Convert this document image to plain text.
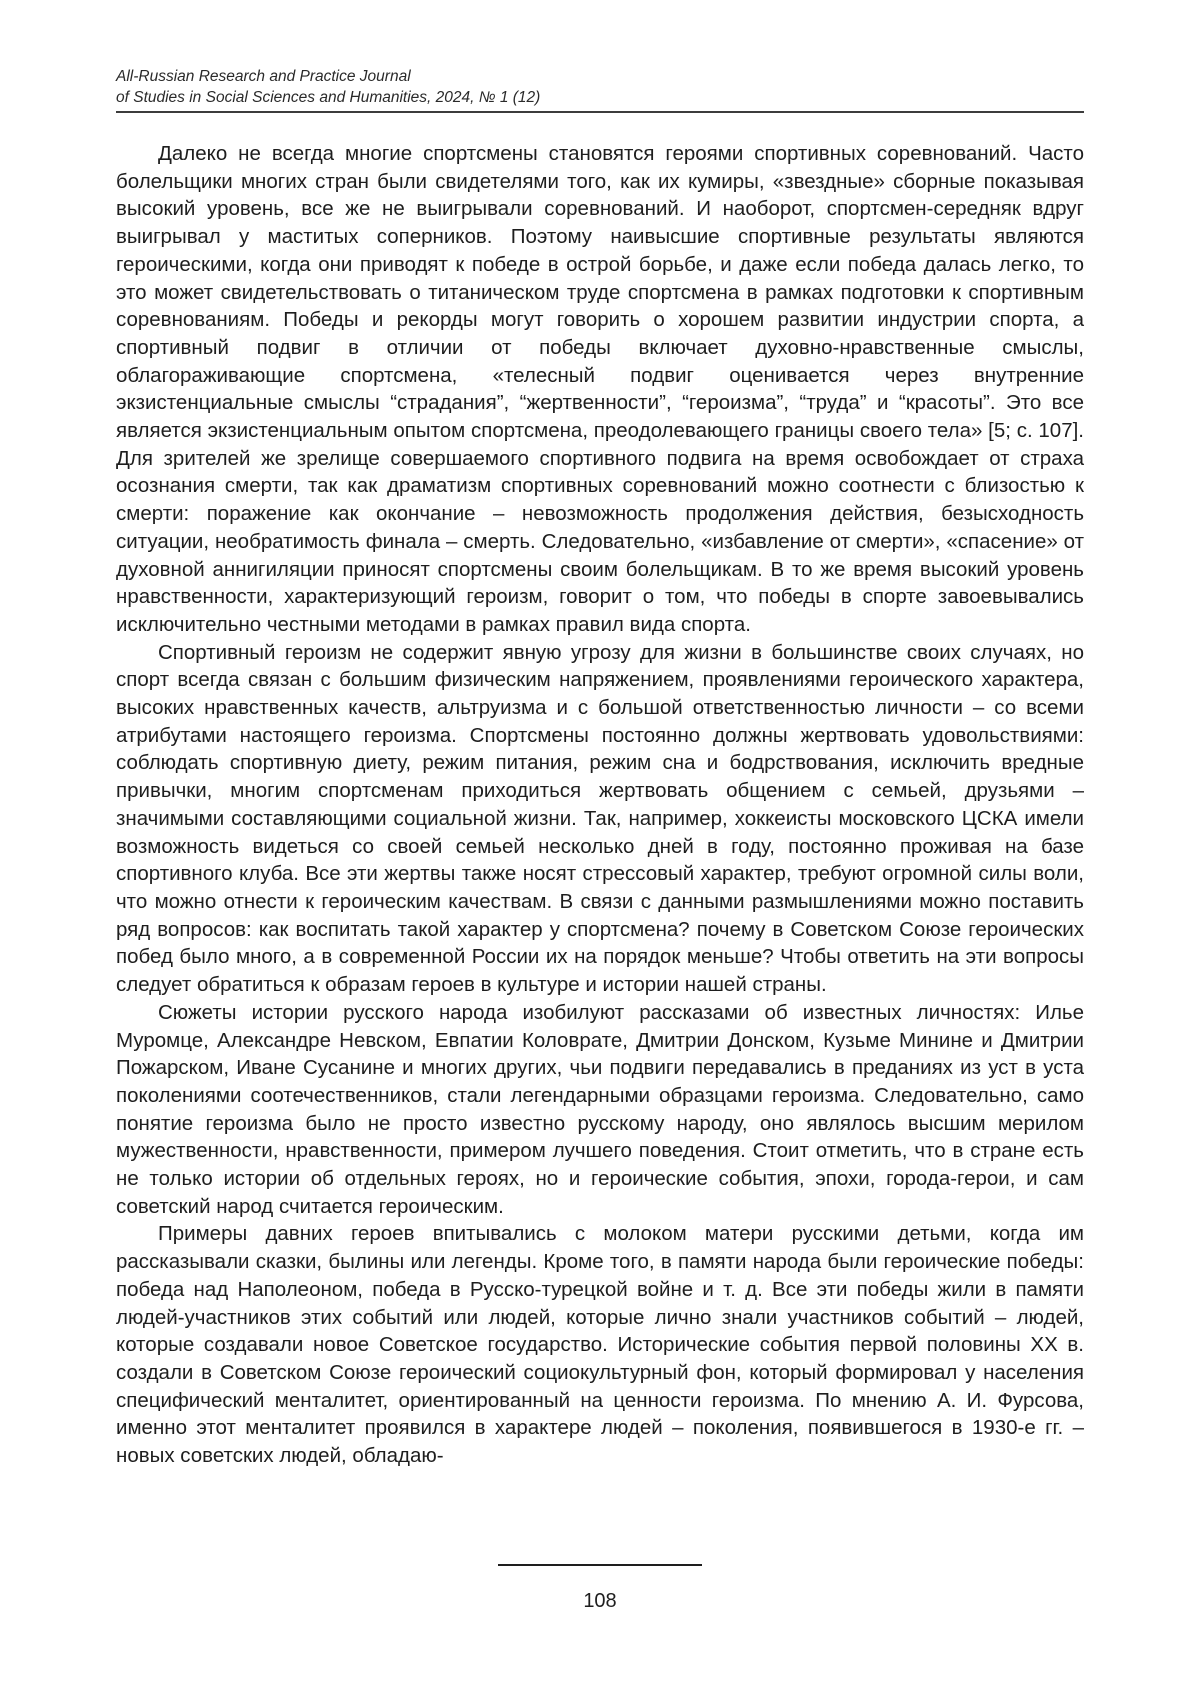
All-Russian Research and Practice Journal
of Studies in Social Sciences and Humanities, 2024, № 1 (12)

Далеко не всегда многие спортсмены становятся героями спортивных соревнований. Часто болельщики многих стран были свидетелями того, как их кумиры, «звездные» сборные показывая высокий уровень, все же не выигрывали соревнований. И наоборот, спортсмен-середняк вдруг выигрывал у маститых соперников. Поэтому наивысшие спортивные результаты являются героическими, когда они приводят к победе в острой борьбе, и даже если победа далась легко, то это может свидетельствовать о титаническом труде спортсмена в рамках подготовки к спортивным соревнованиям. Победы и рекорды могут говорить о хорошем развитии индустрии спорта, а спортивный подвиг в отличии от победы включает духовно-нравственные смыслы, облагораживающие спортсмена, «телесный подвиг оценивается через внутренние экзистенциальные смыслы “страдания”, “жертвенности”, “героизма”, “труда” и “красоты”. Это все является экзистенциальным опытом спортсмена, преодолевающего границы своего тела» [5; с. 107]. Для зрителей же зрелище совершаемого спортивного подвига на время освобождает от страха осознания смерти, так как драматизм спортивных соревнований можно соотнести с близостью к смерти: поражение как окончание – невозможность продолжения действия, безысходность ситуации, необратимость финала – смерть. Следовательно, «избавление от смерти», «спасение» от духовной аннигиляции приносят спортсмены своим болельщикам. В то же время высокий уровень нравственности, характеризующий героизм, говорит о том, что победы в спорте завоевывались исключительно честными методами в рамках правил вида спорта.

Спортивный героизм не содержит явную угрозу для жизни в большинстве своих случаях, но спорт всегда связан с большим физическим напряжением, проявлениями героического характера, высоких нравственных качеств, альтруизма и с большой ответственностью личности – со всеми атрибутами настоящего героизма. Спортсмены постоянно должны жертвовать удовольствиями: соблюдать спортивную диету, режим питания, режим сна и бодрствования, исключить вредные привычки, многим спортсменам приходиться жертвовать общением с семьей, друзьями – значимыми составляющими социальной жизни. Так, например, хоккеисты московского ЦСКА имели возможность видеться со своей семьей несколько дней в году, постоянно проживая на базе спортивного клуба. Все эти жертвы также носят стрессовый характер, требуют огромной силы воли, что можно отнести к героическим качествам. В связи с данными размышлениями можно поставить ряд вопросов: как воспитать такой характер у спортсмена? почему в Советском Союзе героических побед было много, а в современной России их на порядок меньше? Чтобы ответить на эти вопросы следует обратиться к образам героев в культуре и истории нашей страны.

Сюжеты истории русского народа изобилуют рассказами об известных личностях: Илье Муромце, Александре Невском, Евпатии Коловрате, Дмитрии Донском, Кузьме Минине и Дмитрии Пожарском, Иване Сусанине и многих других, чьи подвиги передавались в преданиях из уст в уста поколениями соотечественников, стали легендарными образцами героизма. Следовательно, само понятие героизма было не просто известно русскому народу, оно являлось высшим мерилом мужественности, нравственности, примером лучшего поведения. Стоит отметить, что в стране есть не только истории об отдельных героях, но и героические события, эпохи, города-герои, и сам советский народ считается героическим.

Примеры давних героев впитывались с молоком матери русскими детьми, когда им рассказывали сказки, былины или легенды. Кроме того, в памяти народа были героические победы: победа над Наполеоном, победа в Русско-турецкой войне и т. д. Все эти победы жили в памяти людей-участников этих событий или людей, которые лично знали участников событий – людей, которые создавали новое Советское государство. Исторические события первой половины ХХ в. создали в Советском Союзе героический социокультурный фон, который формировал у населения специфический менталитет, ориентированный на ценности героизма. По мнению А. И. Фурсова, именно этот менталитет проявился в характере людей – поколения, появившегося в 1930-е гг. – новых советских людей, обладаю-

108
